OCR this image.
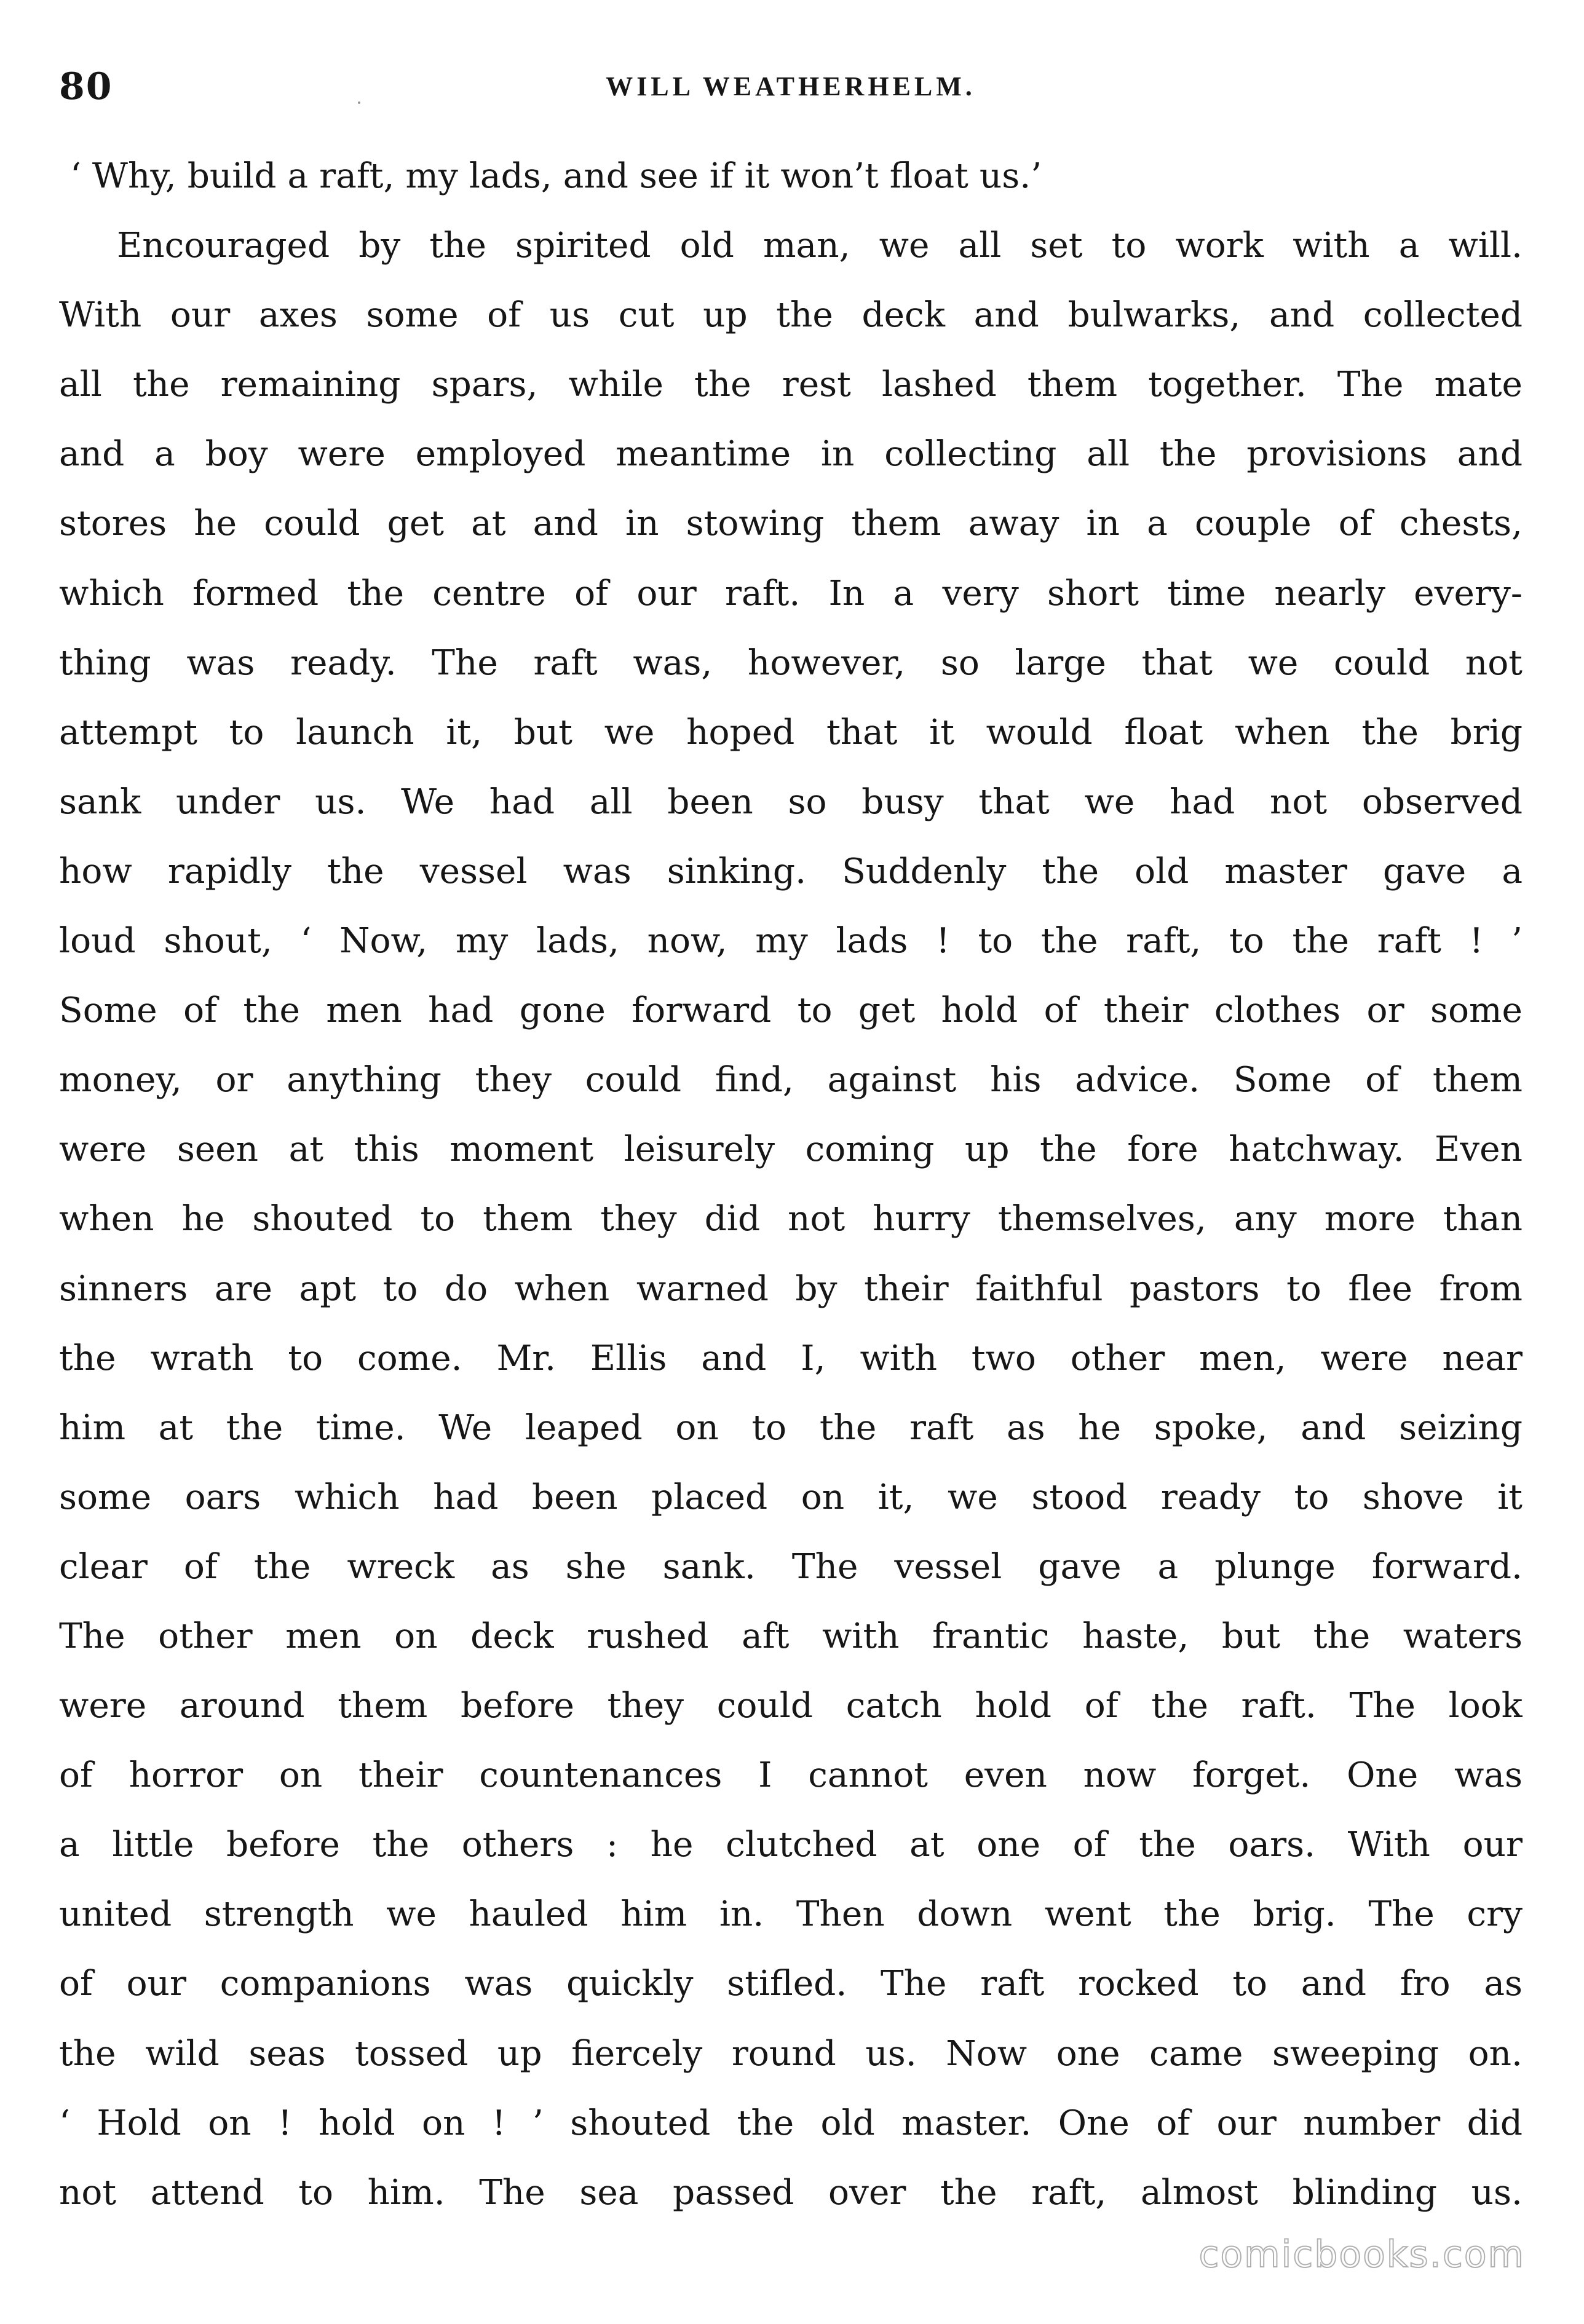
80	WILL WEATHERHELM.
‘ Why, build a raft, my lads, and see if it won’t float us.’
Encouraged by the spirited old man, we all set to work with a will.
With our axes some of us cut up the deck and bulwarks, and collected
all the remaining spars, while the rest lashed them together. The mate
and a boy were employed meantime in collecting all the provisions and
stores he could get at and in stowing them away in a couple of chests,
which formed the centre of our raft. In a very short time nearly every-
thing was ready. The raft was, however, so large that we could not
attempt to launch it, but we hoped that it would float when the brig
sank under us. We had all been so busy that we had not observed
how rapidly the vessel was sinking. Suddenly the old master gave a
loud shout, ‘ Now, my lads, now, my lads ! to the raft, to the raft ! ’
Some of the men had gone forward to get hold of their clothes or some
money, or anything they could find, against his advice. Some of them
were seen at this moment leisurely coming up the fore hatchway. Even
when he shouted to them they did not hurry themselves, any more than
sinners are apt to do when warned by their faithful pastors to flee from
the wrath to come. Mr. Ellis and I, with two other men, were near
him at the time. We leaped on to the raft as he spoke, and seizing
some oars which had been placed on it, we stood ready to shove it
clear of the wreck as she sank. The vessel gave a plunge forward.
The other men on deck rushed aft with frantic haste, but the waters
were around them before they could catch hold of the raft. The look
of horror on their countenances I cannot even now forget. One was
a little before the others : he clutched at one of the oars. With our
united strength we hauled him in. Then down went the brig. The cry
of our companions was quickly stifled. The raft rocked to and fro as
the wild seas tossed up fiercely round us. Now one came sweeping on.
‘ Hold on ! hold on ! ’ shouted the old master. One of our number did
not attend to him. The sea passed over the raft, almost blinding us.
comicbooks.com
